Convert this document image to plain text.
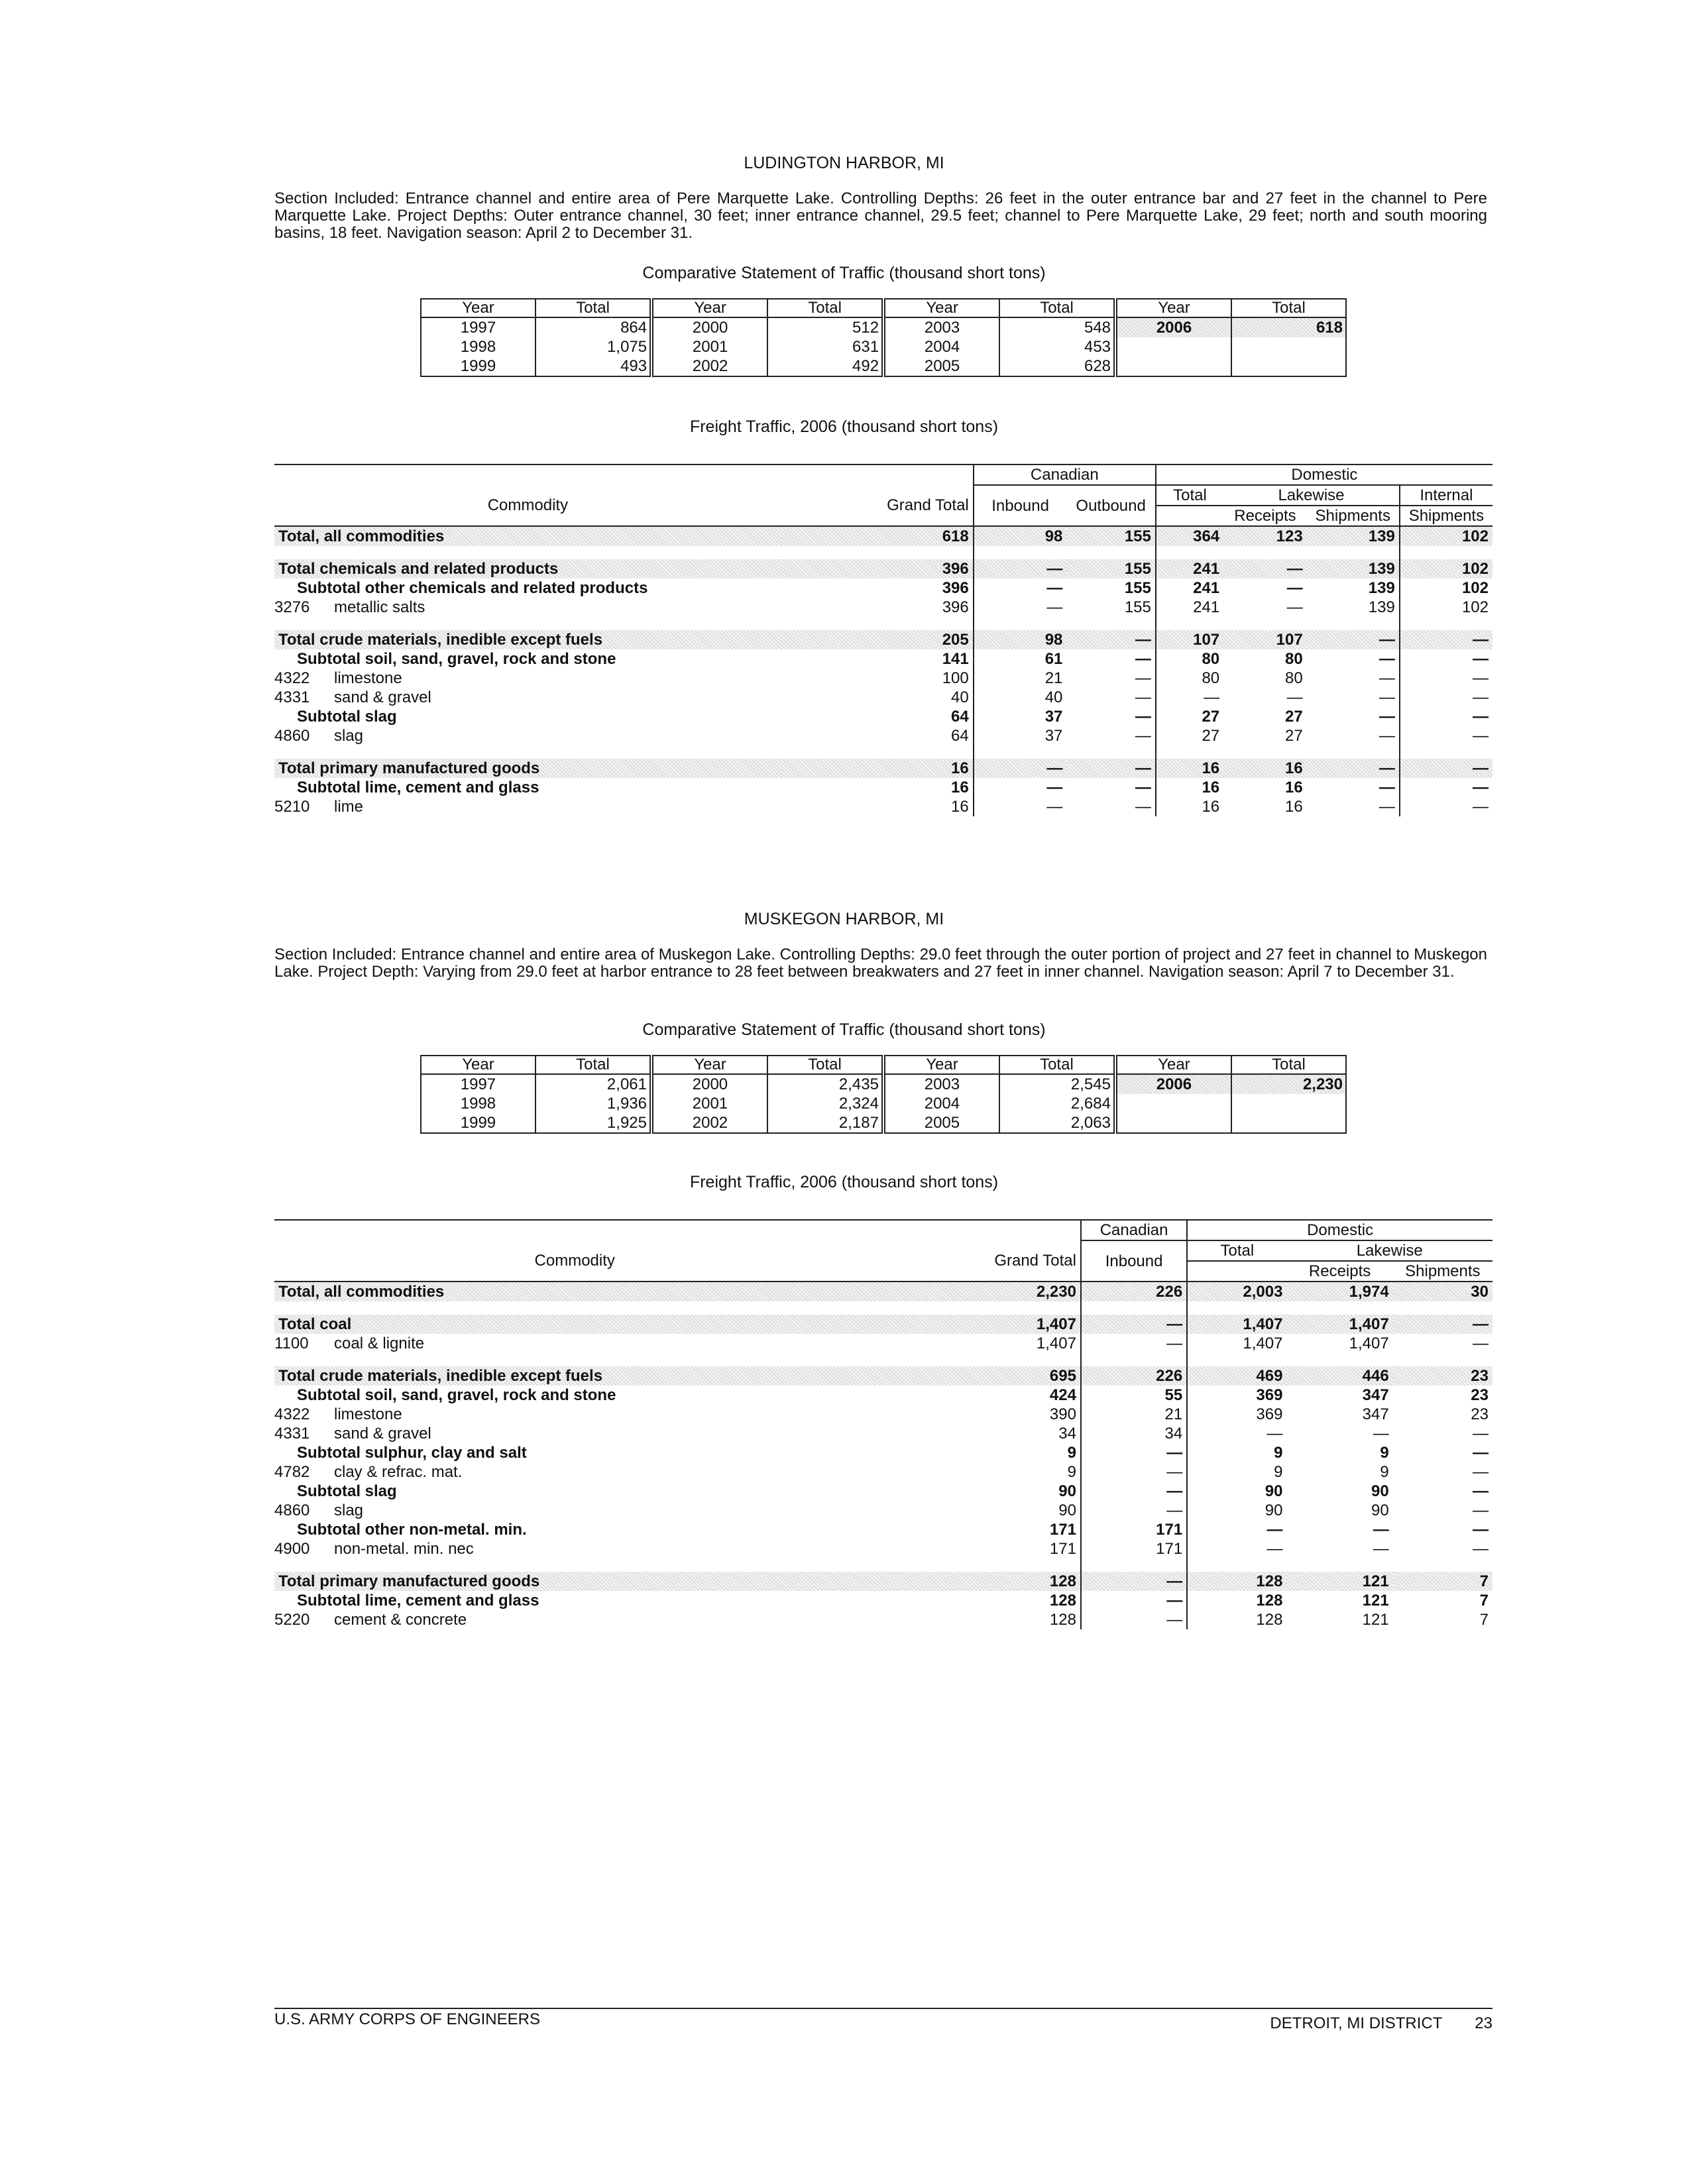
LUDINGTON HARBOR, MI
Section Included: Entrance channel and entire area of Pere Marquette Lake. Controlling Depths: 26 feet in the outer entrance bar and 27 feet in the channel to Pere Marquette Lake. Project Depths: Outer entrance channel, 30 feet; inner entrance channel, 29.5 feet; channel to Pere Marquette Lake, 29 feet; north and south mooring basins, 18 feet. Navigation season: April 2 to December 31.
Comparative Statement of Traffic (thousand short tons)
Year	Total	Year	Total	Year	Total	Year	Total
1997	864	2000	512	2003	548	2006	618
1998	1,075	2001	631	2004	453		
1999	493	2002	492	2005	628		
Freight Traffic, 2006 (thousand short tons)
		Canadian		Domestic			
Commodity	Grand Total	Inbound	Outbound	Total	Lakewise		Internal
					Receipts	Shipments	Shipments

Total, all commodities	618	98	155	364	123	139	102

Total chemicals and related products	396	—	155	241	—	139	102
Subtotal other chemicals and related products	396	—	155	241	—	139	102
3276 metallic salts	396	—	155	241	—	139	102

Total crude materials, inedible except fuels	205	98	—	107	107	—	—
Subtotal soil, sand, gravel, rock and stone	141	61	—	80	80	—	—
4322 limestone	100	21	—	80	80	—	—
4331 sand & gravel	40	40	—	—	—	—	—
Subtotal slag	64	37	—	27	27	—	—
4860 slag	64	37	—	27	27	—	—

Total primary manufactured goods	16	—	—	16	16	—	—
Subtotal lime, cement and glass	16	—	—	16	16	—	—
5210 lime	16	—	—	16	16	—	—
MUSKEGON HARBOR, MI
Section Included: Entrance channel and entire area of Muskegon Lake. Controlling Depths: 29.0 feet through the outer portion of project and 27 feet in channel to Muskegon Lake. Project Depth: Varying from 29.0 feet at harbor entrance to 28 feet between breakwaters and 27 feet in inner channel. Navigation season: April 7 to December 31.
Comparative Statement of Traffic (thousand short tons)
Year	Total	Year	Total	Year	Total	Year	Total
1997	2,061	2000	2,435	2003	2,545	2006	2,230
1998	1,936	2001	2,324	2004	2,684		
1999	1,925	2002	2,187	2005	2,063		
Freight Traffic, 2006 (thousand short tons)
		Canadian	Domestic		
Commodity	Grand Total	Inbound	Total	Lakewise	
				Receipts	Shipments

Total, all commodities	2,230	226	2,003	1,974	30

Total coal	1,407	—	1,407	1,407	—
1100 coal & lignite	1,407	—	1,407	1,407	—

Total crude materials, inedible except fuels	695	226	469	446	23
Subtotal soil, sand, gravel, rock and stone	424	55	369	347	23
4322 limestone	390	21	369	347	23
4331 sand & gravel	34	34	—	—	—
Subtotal sulphur, clay and salt	9	—	9	9	—
4782 clay & refrac. mat.	9	—	9	9	—
Subtotal slag	90	—	90	90	—
4860 slag	90	—	90	90	—
Subtotal other non-metal. min.	171	171	—	—	—
4900 non-metal. min. nec	171	171	—	—	—

Total primary manufactured goods	128	—	128	121	7
Subtotal lime, cement and glass	128	—	128	121	7
5220 cement & concrete	128	—	128	121	7
U.S. ARMY CORPS OF ENGINEERS	DETROIT, MI DISTRICT 23
